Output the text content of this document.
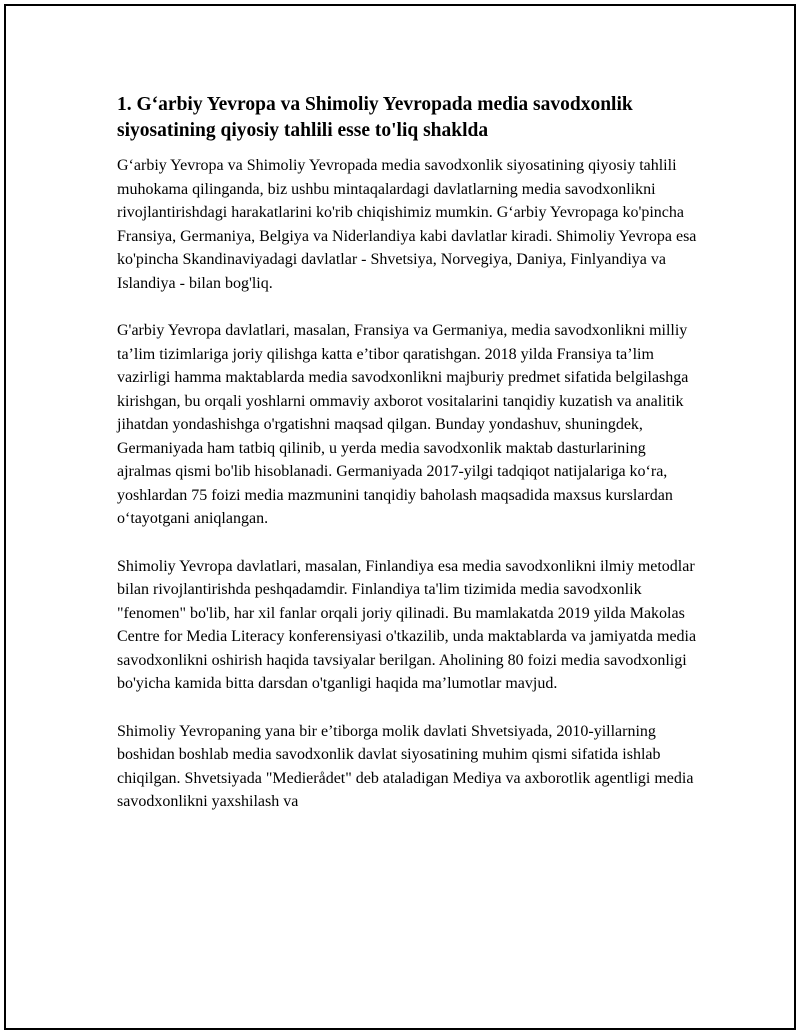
1. G‘arbiy Yevropa va Shimoliy Yevropada media savodxonlik siyosatining qiyosiy tahlili esse to'liq shaklda

G‘arbiy Yevropa va Shimoliy Yevropada media savodxonlik siyosatining qiyosiy tahlili muhokama qilinganda, biz ushbu mintaqalardagi davlatlarning media savodxonlikni rivojlantirishdagi harakatlarini ko'rib chiqishimiz mumkin. G‘arbiy Yevropaga ko'pincha Fransiya, Germaniya, Belgiya va Niderlandiya kabi davlatlar kiradi. Shimoliy Yevropa esa ko'pincha Skandinaviyadagi davlatlar - Shvetsiya, Norvegiya, Daniya, Finlyandiya va Islandiya - bilan bog'liq.

G'arbiy Yevropa davlatlari, masalan, Fransiya va Germaniya, media savodxonlikni milliy ta’lim tizimlariga joriy qilishga katta e’tibor qaratishgan. 2018 yilda Fransiya ta’lim vazirligi hamma maktablarda media savodxonlikni majburiy predmet sifatida belgilashga kirishgan, bu orqali yoshlarni ommaviy axborot vositalarini tanqidiy kuzatish va analitik jihatdan yondashishga o'rgatishni maqsad qilgan. Bunday yondashuv, shuningdek, Germaniyada ham tatbiq qilinib, u yerda media savodxonlik maktab dasturlarining ajralmas qismi bo'lib hisoblanadi. Germaniyada 2017-yilgi tadqiqot natijalariga ko‘ra, yoshlardan 75 foizi media mazmunini tanqidiy baholash maqsadida maxsus kurslardan o‘tayotgani aniqlangan.

Shimoliy Yevropa davlatlari, masalan, Finlandiya esa media savodxonlikni ilmiy metodlar bilan rivojlantirishda peshqadamdir. Finlandiya ta'lim tizimida media savodxonlik "fenomen" bo'lib, har xil fanlar orqali joriy qilinadi. Bu mamlakatda 2019 yilda Makolas Centre for Media Literacy konferensiyasi o'tkazilib, unda maktablarda va jamiyatda media savodxonlikni oshirish haqida tavsiyalar berilgan. Aholining 80 foizi media savodxonligi bo'yicha kamida bitta darsdan o'tganligi haqida ma’lumotlar mavjud.

Shimoliy Yevropaning yana bir e’tiborga molik davlati Shvetsiyada, 2010-yillarning boshidan boshlab media savodxonlik davlat siyosatining muhim qismi sifatida ishlab chiqilgan. Shvetsiyada "Medierådet" deb ataladigan Mediya va axborotlik agentligi media savodxonlikni yaxshilash va
